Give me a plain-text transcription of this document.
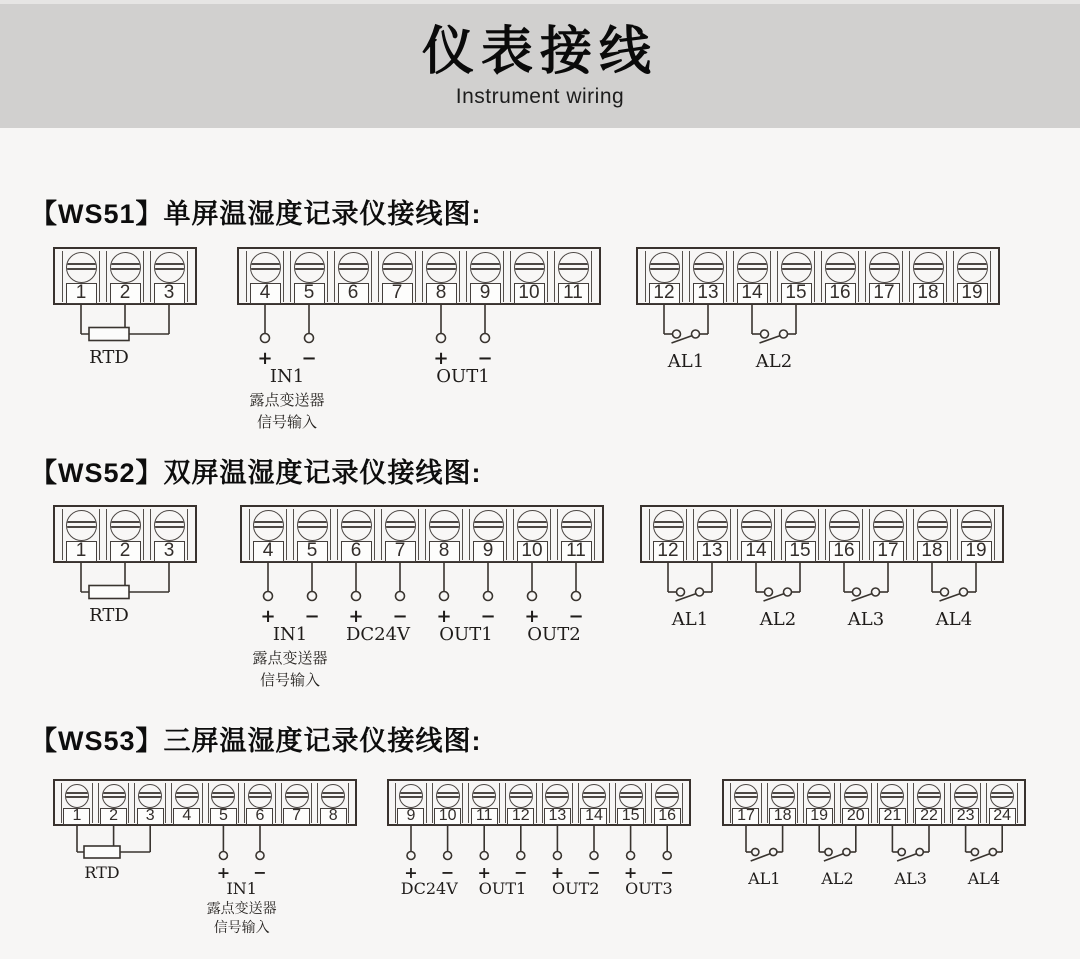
仪表接线
Instrument wiring
【WS51】单屏温湿度记录仪接线图:
1	2	3
RTD
4	5	6	7	8	9	10 11
+ −
IN1
露点变送器
信号输入
+ −
OUT1
12 13 14 15 16 17 18 19
AL1	AL2
【WS52】双屏温湿度记录仪接线图:
1	2	3
RTD
4	5	6	7	8	9	10 11
+ −
IN1
露点变送器
信号输入
+ −
DC24V
+ −
OUT1
+ −
OUT2
12 13 14 15 16 17 18 19
AL1	AL2	AL3	AL4
【WS53】三屏温湿度记录仪接线图:
1	2	3	4	5	6	7	8
RTD	+ −
IN1
露点变送器
信号输入
9	10	11	12 13 14 15 16
+ −
DC24V
+ −
OUT1
+ −
OUT2
+ −
OUT3
17 18 19 20 21 22 23 24
AL1	AL2	AL3	AL4
